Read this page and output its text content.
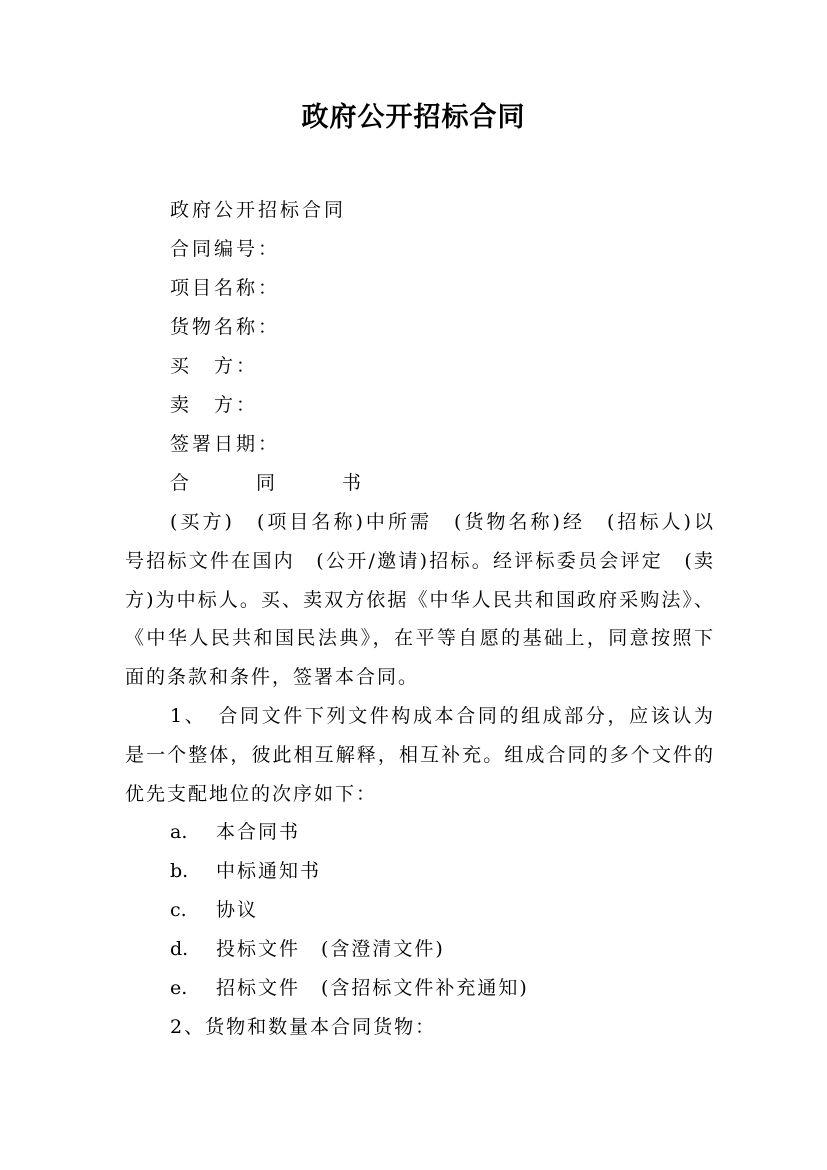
政府公开招标合同

政府公开招标合同

合同编号：

项目名称：

货物名称：

买　方：

卖　方：

签署日期：

合　同　书

(买方)　(项目名称)中所需　(货物名称)经　(招标人)以　号招标文件在国内　(公开/邀请)招标。经评标委员会评定　(卖方)为中标人。买、卖双方依据《中华人民共和国政府采购法》、《中华人民共和国民法典》，在平等自愿的基础上，同意按照下面的条款和条件，签署本合同。

1、　合同文件下列文件构成本合同的组成部分，应该认为是一个整体，彼此相互解释，相互补充。组成合同的多个文件的优先支配地位的次序如下：

a. 本合同书

b. 中标通知书

c. 协议

d. 投标文件　(含澄清文件)

e. 招标文件　(含招标文件补充通知)

2、货物和数量本合同货物：
